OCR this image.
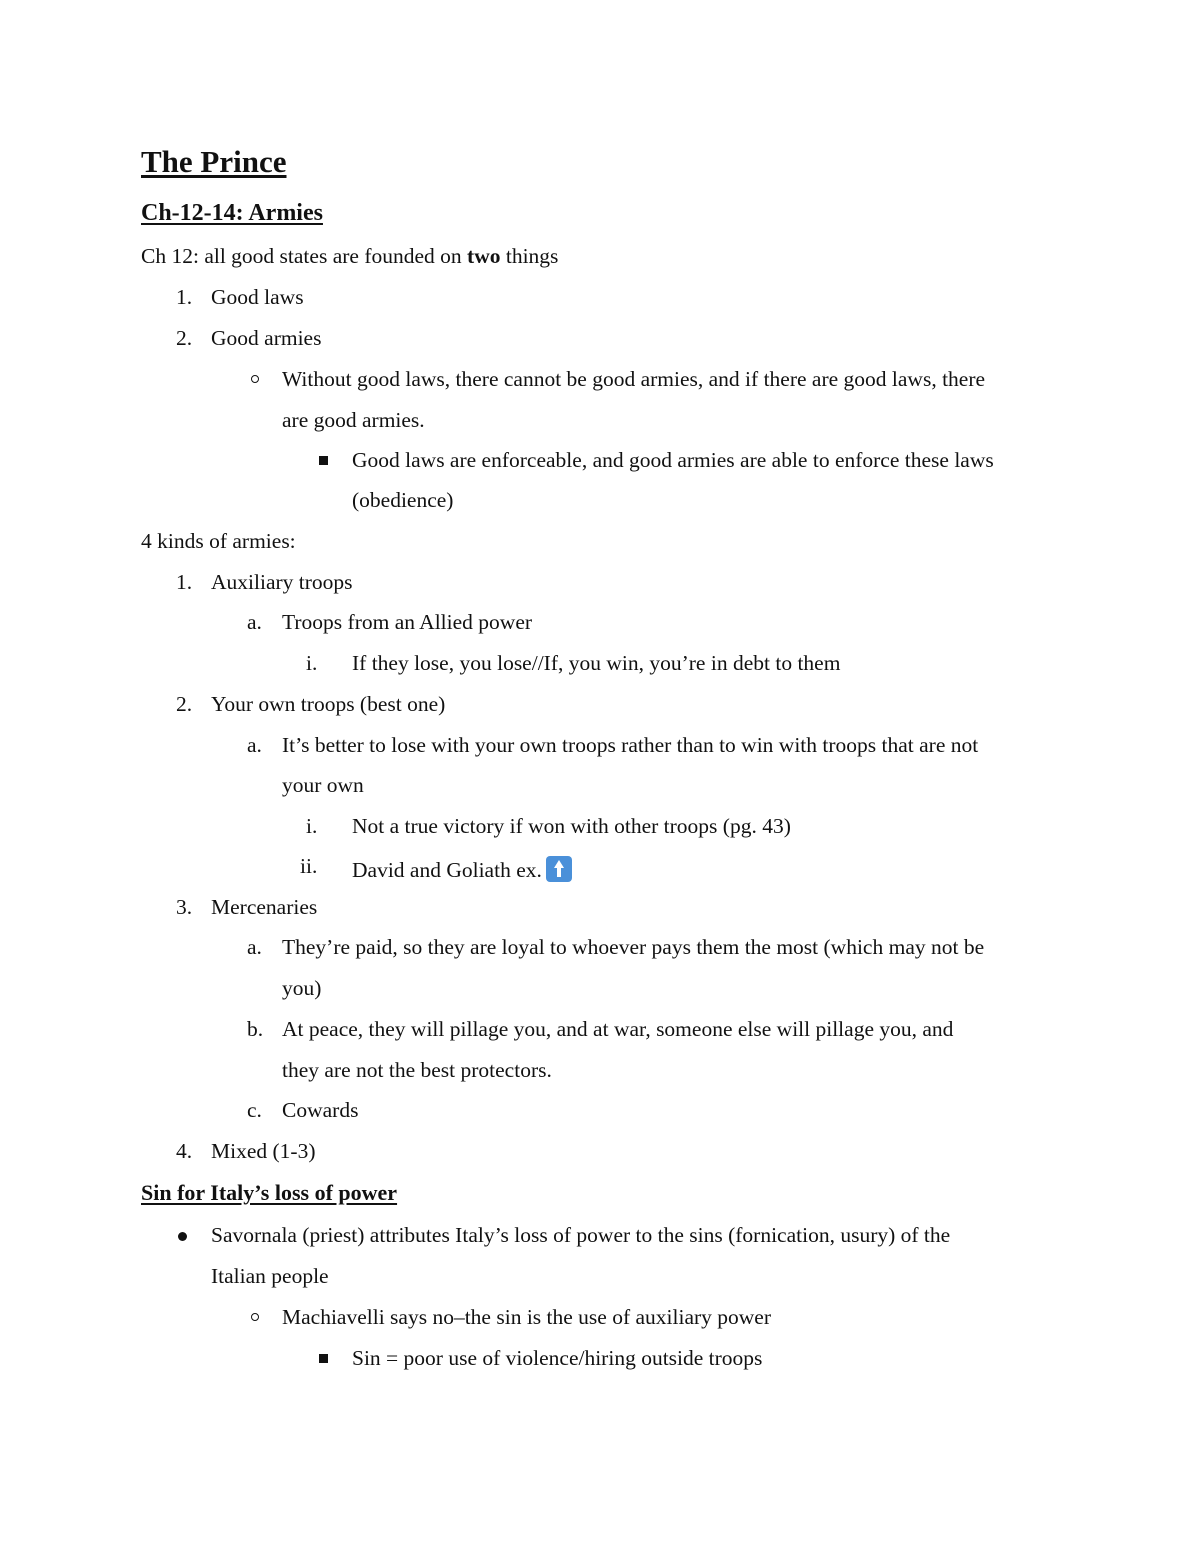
The Prince
Ch-12-14: Armies
Ch 12: all good states are founded on two things
1. Good laws
2. Good armies
Without good laws, there cannot be good armies, and if there are good laws, there
are good armies.
Good laws are enforceable, and good armies are able to enforce these laws
(obedience)
4 kinds of armies:
1. Auxiliary troops
a. Troops from an Allied power
i. If they lose, you lose//If, you win, you’re in debt to them
2. Your own troops (best one)
a. It’s better to lose with your own troops rather than to win with troops that are not
your own
i. Not a true victory if won with other troops (pg. 43)
ii. David and Goliath ex.
3. Mercenaries
a. They’re paid, so they are loyal to whoever pays them the most (which may not be
you)
b. At peace, they will pillage you, and at war, someone else will pillage you, and
they are not the best protectors.
c. Cowards
4. Mixed (1-3)
Sin for Italy’s loss of power
Savornala (priest) attributes Italy’s loss of power to the sins (fornication, usury) of the
Italian people
Machiavelli says no–the sin is the use of auxiliary power
Sin = poor use of violence/hiring outside troops
